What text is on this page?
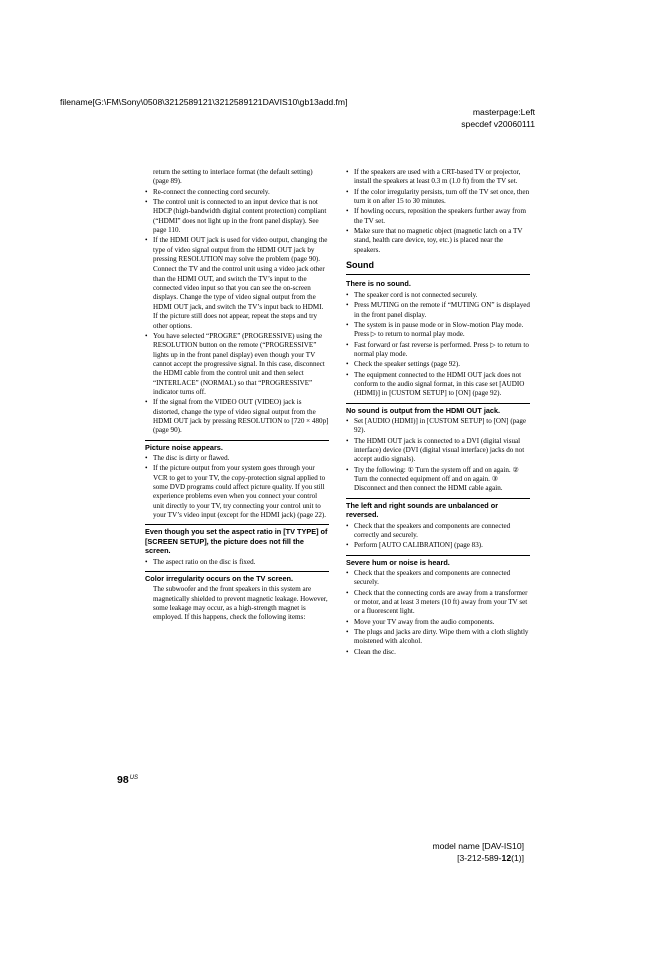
filename[G:\FM\Sony\0508\3212589121\3212589121DAVIS10\gb13add.fm]
masterpage:Left
specdef v20060111
return the setting to interlace format (the default setting) (page 89).
• Re-connect the connecting cord securely.
• The control unit is connected to an input device that is not HDCP (high-bandwidth digital content protection) compliant (“HDMI” does not light up in the front panel display). See page 110.
• If the HDMI OUT jack is used for video output, changing the type of video signal output from the HDMI OUT jack by pressing RESOLUTION may solve the problem (page 90).
Connect the TV and the control unit using a video jack other than the HDMI OUT, and switch the TV’s input to the connected video input so that you can see the on-screen displays. Change the type of video signal output from the HDMI OUT jack, and switch the TV’s input back to HDMI. If the picture still does not appear, repeat the steps and try other options.
• You have selected “PROGRE” (PROGRESSIVE) using the RESOLUTION button on the remote (“PROGRESSIVE” lights up in the front panel display) even though your TV cannot accept the progressive signal. In this case, disconnect the HDMI cable from the control unit and then select “INTERLACE” (NORMAL) so that “PROGRESSIVE” indicator turns off.
• If the signal from the VIDEO OUT (VIDEO) jack is distorted, change the type of video signal output from the HDMI OUT jack by pressing RESOLUTION to [720 × 480p] (page 90).
Picture noise appears.
• The disc is dirty or flawed.
• If the picture output from your system goes through your VCR to get to your TV, the copy-protection signal applied to some DVD programs could affect picture quality. If you still experience problems even when you connect your control unit directly to your TV, try connecting your control unit to your TV’s video input (except for the HDMI jack) (page 22).
Even though you set the aspect ratio in [TV TYPE] of [SCREEN SETUP], the picture does not fill the screen.
• The aspect ratio on the disc is fixed.
Color irregularity occurs on the TV screen.
The subwoofer and the front speakers in this system are magnetically shielded to prevent magnetic leakage. However, some leakage may occur, as a high-strength magnet is employed. If this happens, check the following items:
• If the speakers are used with a CRT-based TV or projector, install the speakers at least 0.3 m (1.0 ft) from the TV set.
• If the color irregularity persists, turn off the TV set once, then turn it on after 15 to 30 minutes.
• If howling occurs, reposition the speakers further away from the TV set.
• Make sure that no magnetic object (magnetic latch on a TV stand, health care device, toy, etc.) is placed near the speakers.
Sound
There is no sound.
• The speaker cord is not connected securely.
• Press MUTING on the remote if “MUTING ON” is displayed in the front panel display.
• The system is in pause mode or in Slow-motion Play mode. Press ▷ to return to normal play mode.
• Fast forward or fast reverse is performed. Press ▷ to return to normal play mode.
• Check the speaker settings (page 92).
• The equipment connected to the HDMI OUT jack does not conform to the audio signal format, in this case set [AUDIO (HDMI)] in [CUSTOM SETUP] to [ON] (page 92).
No sound is output from the HDMI OUT jack.
• Set [AUDIO (HDMI)] in [CUSTOM SETUP] to [ON] (page 92).
• The HDMI OUT jack is connected to a DVI (digital visual interface) device (DVI (digital visual interface) jacks do not accept audio signals).
• Try the following: ① Turn the system off and on again. ② Turn the connected equipment off and on again. ③ Disconnect and then connect the HDMI cable again.
The left and right sounds are unbalanced or reversed.
• Check that the speakers and components are connected correctly and securely.
• Perform [AUTO CALIBRATION] (page 83).
Severe hum or noise is heard.
• Check that the speakers and components are connected securely.
• Check that the connecting cords are away from a transformer or motor, and at least 3 meters (10 ft) away from your TV set or a fluorescent light.
• Move your TV away from the audio components.
• The plugs and jacks are dirty. Wipe them with a cloth slightly moistened with alcohol.
• Clean the disc.
$98^{US}$
model name [DAV-IS10]
[3-212-589-12(1)]
